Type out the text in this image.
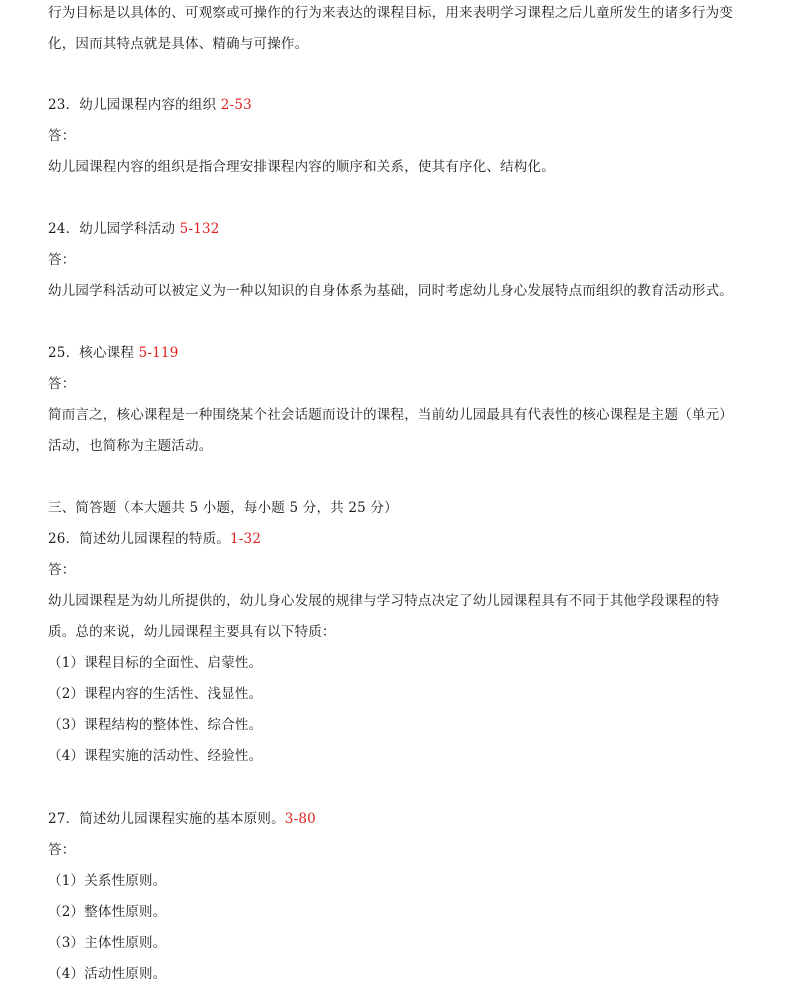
行为目标是以具体的、可观察或可操作的行为来表达的课程目标，用来表明学习课程之后儿童所发生的诸多行为变
化，因而其特点就是具体、精确与可操作。
23．幼儿园课程内容的组织 2-53
答：
幼儿园课程内容的组织是指合理安排课程内容的顺序和关系，使其有序化、结构化。
24．幼儿园学科活动 5-132
答：
幼儿园学科活动可以被定义为一种以知识的自身体系为基础，同时考虑幼儿身心发展特点而组织的教育活动形式。
25．核心课程 5-119
答：
简而言之，核心课程是一种围绕某个社会话题而设计的课程，当前幼儿园最具有代表性的核心课程是主题（单元）
活动，也简称为主题活动。
三、简答题（本大题共 5 小题，每小题 5 分，共 25 分）
26．简述幼儿园课程的特质。1-32
答：
幼儿园课程是为幼儿所提供的，幼儿身心发展的规律与学习特点决定了幼儿园课程具有不同于其他学段课程的特
质。总的来说，幼儿园课程主要具有以下特质：
（1）课程目标的全面性、启蒙性。
（2）课程内容的生活性、浅显性。
（3）课程结构的整体性、综合性。
（4）课程实施的活动性、经验性。
27．简述幼儿园课程实施的基本原则。3-80
答：
（1）关系性原则。
（2）整体性原则。
（3）主体性原则。
（4）活动性原则。
